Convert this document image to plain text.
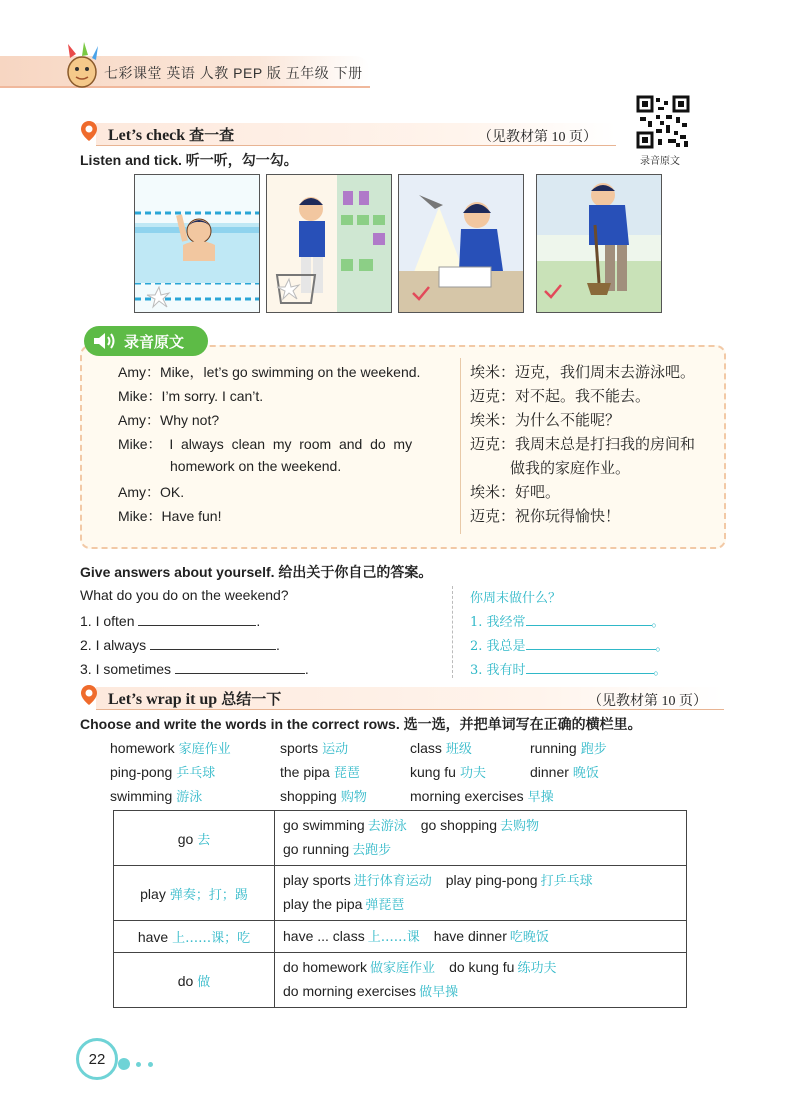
七彩课堂 英语 人教 PEP 版 五年级 下册
Let’s check 查一查	（见教材第 10 页）
Listen and tick. 听一听，勾一勾。	录音原文
录音原文
Amy：Mike，let’s go swimming on the weekend.
Mike：I’m sorry. I can’t.
Amy：Why not?
Mike：  I  always  clean  my  room  and  do  my
homework on the weekend.
Amy：OK.
Mike：Have fun!
埃米：迈克，我们周末去游泳吧。
迈克：对不起。我不能去。
埃米：为什么不能呢？
迈克：我周末总是打扫我的房间和
做我的家庭作业。
埃米：好吧。
迈克：祝你玩得愉快！
Give answers about yourself. 给出关于你自己的答案。
What do you do on the weekend?	你周末做什么？
1. I often	.
2. I always	.
3. I sometimes	.
1. 我经常	。
2. 我总是	。
3. 我有时	。
Let’s wrap it up 总结一下	（见教材第 10 页）
Choose and write the words in the correct rows. 选一选，并把单词写在正确的横栏里。
homework 家庭作业	sports 运动	class 班级	running 跑步
ping-pong 乒乓球	the pipa 琵琶	kung fu 功夫	dinner 晚饭
swimming 游泳	shopping 购物	morning exercises 早操
go 去	go swimming 去游泳 go shopping 去购物
go running 去跑步

play 弹奏；打；踢	play sports 进行体育运动 play ping-pong 打乒乓球
play the pipa 弹琵琶

have 上……课；吃	have ... class 上……课 have dinner 吃晚饭

do 做	do homework 做家庭作业 do kung fu 练功夫
do morning exercises 做早操
22
